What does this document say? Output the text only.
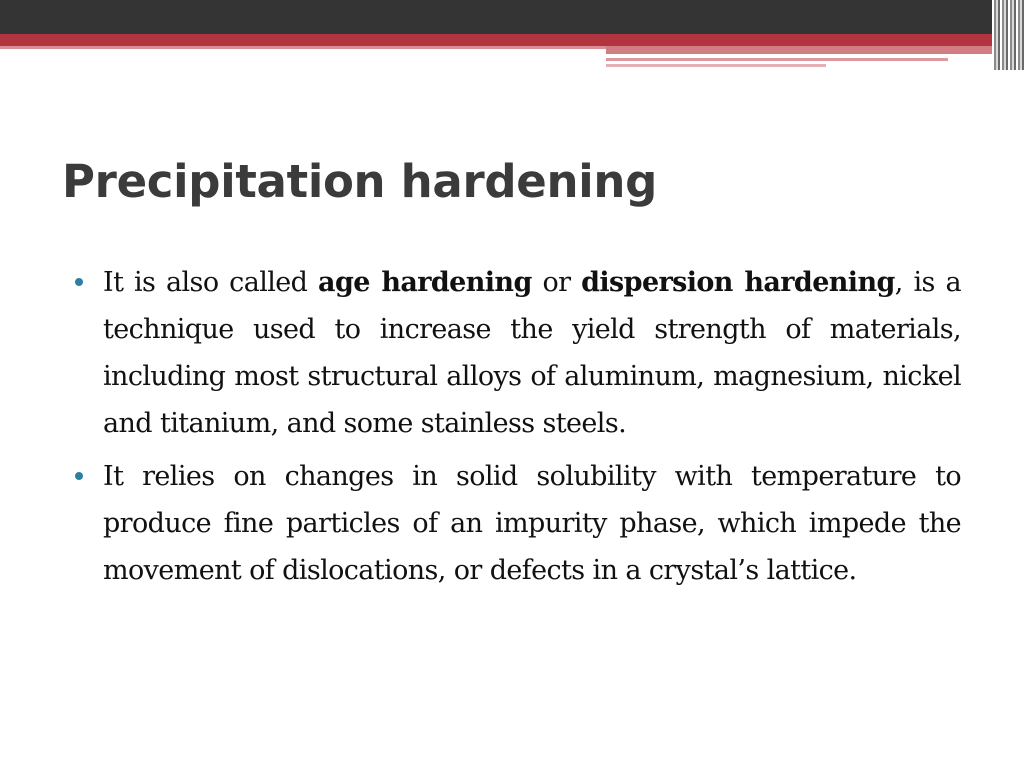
Precipitation hardening
It is also called age hardening or dispersion hardening, is a technique used to increase the yield strength of materials, including most structural alloys of aluminum, magnesium, nickel and titanium, and some stainless steels.
It relies on changes in solid solubility with temperature to produce fine particles of an impurity phase, which impede the movement of dislocations, or defects in a crystal’s lattice.
